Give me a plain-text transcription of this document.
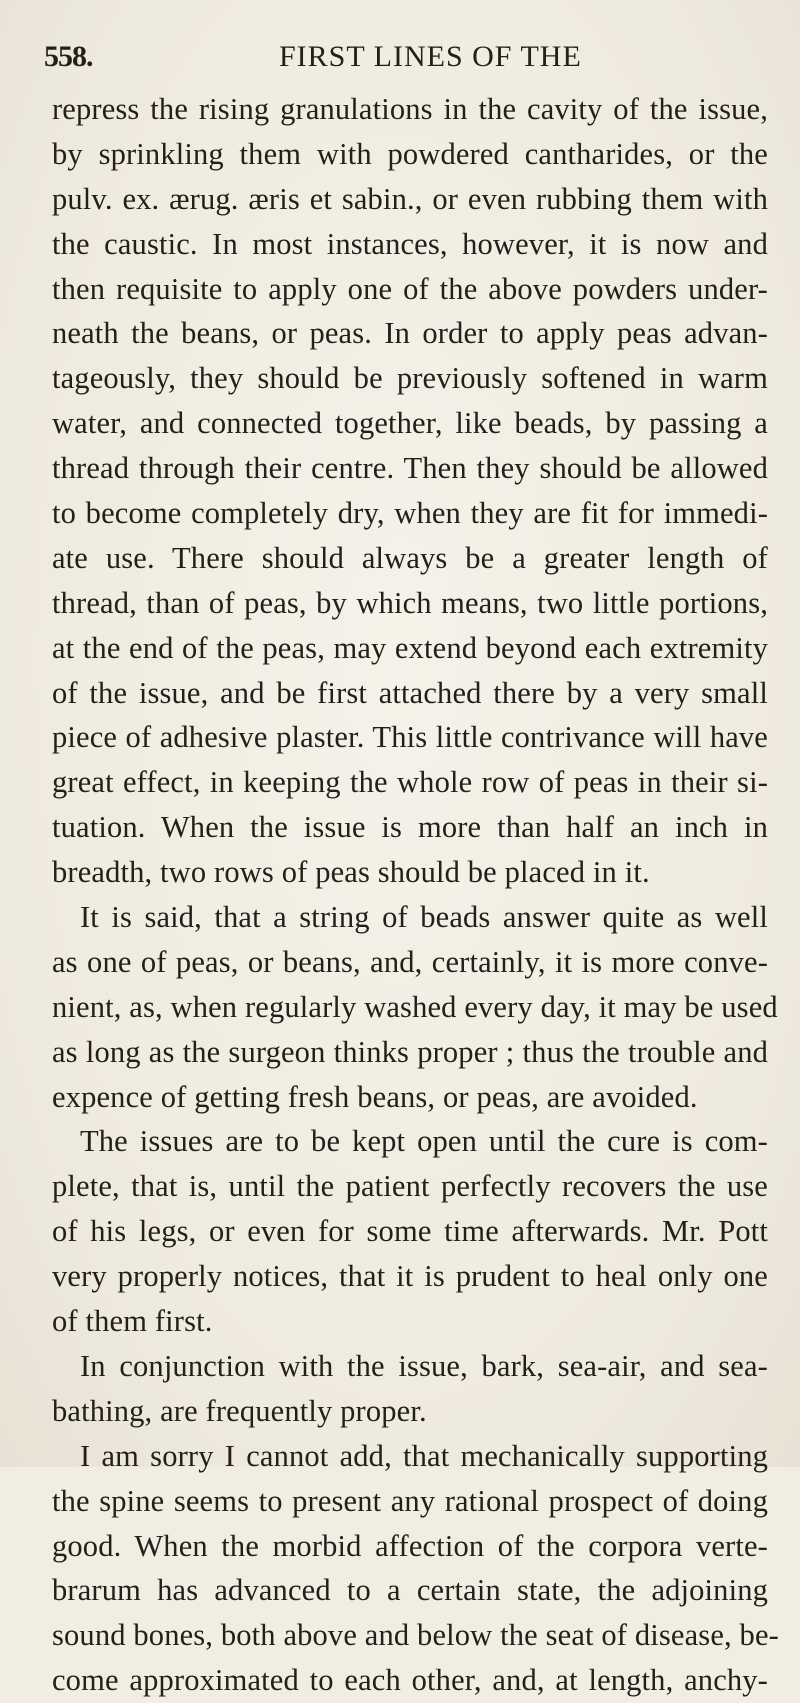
558.	FIRST LINES OF THE
repress the rising granulations in the cavity of the issue,
by sprinkling them with powdered cantharides, or the
pulv. ex. ærug. æris et sabin., or even rubbing them with
the caustic. In most instances, however, it is now and
then requisite to apply one of the above powders under-
neath the beans, or peas. In order to apply peas advan-
tageously, they should be previously softened in warm
water, and connected together, like beads, by passing a
thread through their centre. Then they should be allowed
to become completely dry, when they are fit for immedi-
ate use. There should always be a greater length of
thread, than of peas, by which means, two little portions,
at the end of the peas, may extend beyond each extremity
of the issue, and be first attached there by a very small
piece of adhesive plaster. This little contrivance will have
great effect, in keeping the whole row of peas in their si-
tuation. When the issue is more than half an inch in
breadth, two rows of peas should be placed in it.
It is said, that a string of beads answer quite as well
as one of peas, or beans, and, certainly, it is more conve-
nient, as, when regularly washed every day, it may be used
as long as the surgeon thinks proper ; thus the trouble and
expence of getting fresh beans, or peas, are avoided.
The issues are to be kept open until the cure is com-
plete, that is, until the patient perfectly recovers the use
of his legs, or even for some time afterwards. Mr. Pott
very properly notices, that it is prudent to heal only one
of them first.
In conjunction with the issue, bark, sea-air, and sea-
bathing, are frequently proper.
I am sorry I cannot add, that mechanically supporting
the spine seems to present any rational prospect of doing
good. When the morbid affection of the corpora verte-
brarum has advanced to a certain state, the adjoining
sound bones, both above and below the seat of disease, be-
come approximated to each other, and, at length, anchy-
